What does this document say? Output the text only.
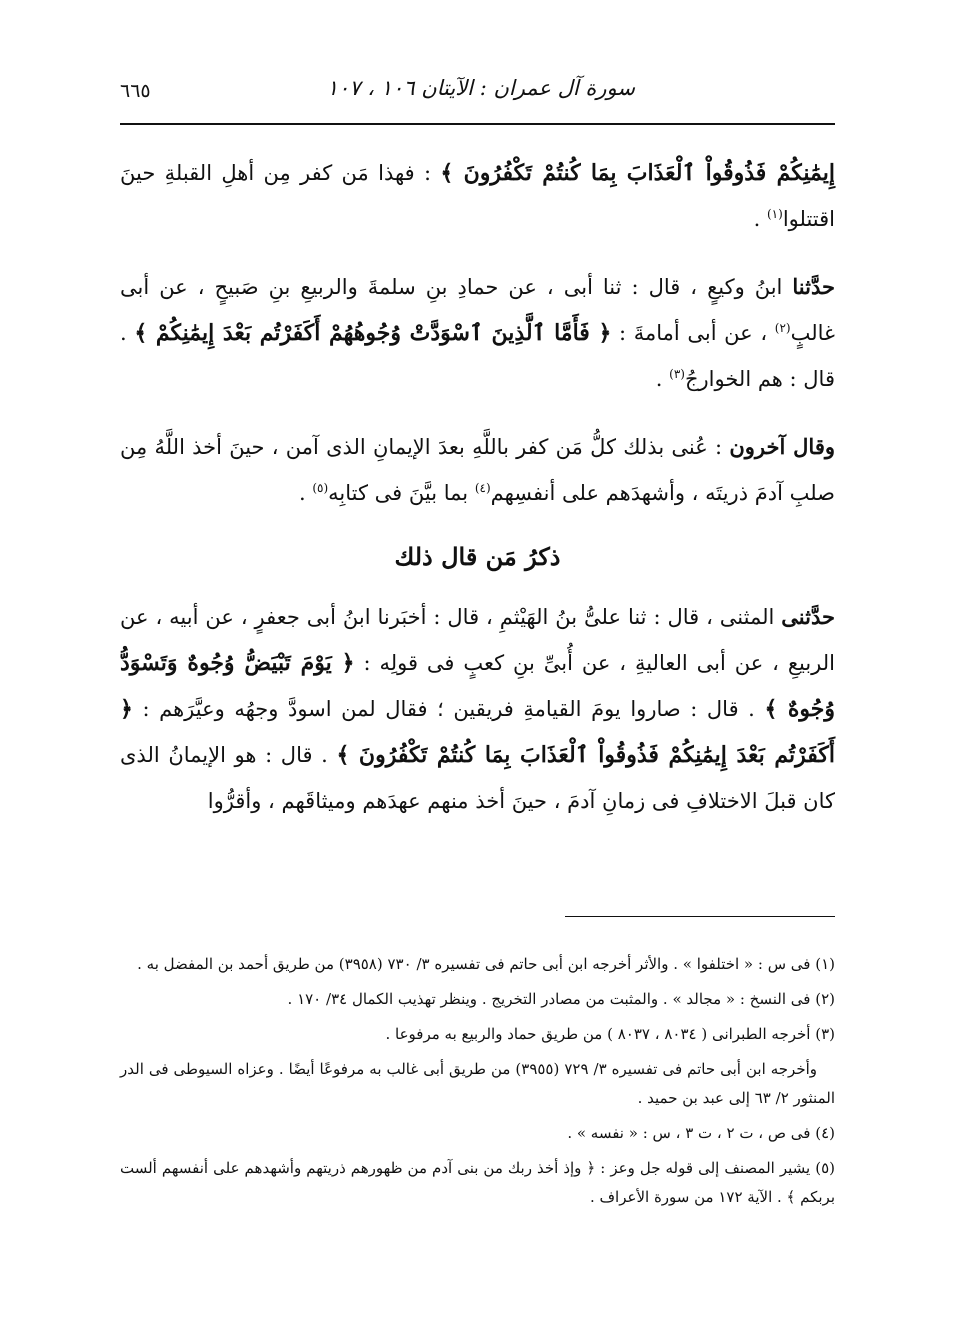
سورة آل عمران : الآيتان ١٠٦ ، ١٠٧
٦٦٥

إِيمَٰنِكُمْ فَذُوقُواْ ٱلْعَذَابَ بِمَا كُنتُمْ تَكْفُرُونَ ﴾ : فهذا مَن كفر مِن أهلِ القبلةِ حينَ اقتتلوا$^{(١)}$ .

حدَّثنا ابنُ وكيعٍ ، قال : ثنا أبى ، عن حمادِ بنِ سلمةَ والربيعِ بنِ صَبيحٍ ، عن أبى غالبٍ$^{(٢)}$ ، عن أبى أمامةَ : ﴿ فَأَمَّا ٱلَّذِينَ ٱسْوَدَّتْ وُجُوهُهُمْ أَكَفَرْتُم بَعْدَ إِيمَٰنِكُمْ ﴾ . قال : هم الخوارجُ$^{(٣)}$ .

وقال آخرون : عُنى بذلك كلُّ مَن كفر باللَّهِ بعدَ الإيمانِ الذى آمن ، حينَ أخذ اللَّهُ مِن صلبِ آدمَ ذريتَه ، وأشهدَهم على أنفسِهم$^{(٤)}$ بما بيَّنَ فى كتابِه$^{(٥)}$ .

ذكرُ مَن قال ذلك

حدَّثنى المثنى ، قال : ثنا علىُّ بنُ الهَيْثمِ ، قال : أخبَرنا ابنُ أبى جعفرٍ ، عن أبيه ، عن الربيعِ ، عن أبى العاليةِ ، عن أُبىِّ بنِ كعبٍ فى قولِه : ﴿ يَوْمَ تَبْيَضُّ وُجُوهٌ وَتَسْوَدُّ وُجُوهٌ ﴾ . قال : صاروا يومَ القيامةِ فريقين ؛ فقال لمن اسودَّ وجهُه وعيَّرَهم : ﴿ أَكَفَرْتُم بَعْدَ إِيمَٰنِكُمْ فَذُوقُواْ ٱلْعَذَابَ بِمَا كُنتُمْ تَكْفُرُونَ ﴾ . قال : هو الإيمانُ الذى كان قبلَ الاختلافِ فى زمانِ آدمَ ، حينَ أخذ منهم عهدَهم وميثاقَهم ، وأقرُّوا

(١) فى س : « اختلفوا » . والأثر أخرجه ابن أبى حاتم فى تفسيره ٣/ ٧٣٠ (٣٩٥٨) من طريق أحمد بن المفضل به .

(٢) فى النسخ : « مجالد » . والمثبت من مصادر التخريج . وينظر تهذيب الكمال ٣٤/ ١٧٠ .

(٣) أخرجه الطبرانى ( ٨٠٣٤ ، ٨٠٣٧ ) من طريق حماد والربيع به مرفوعا .

وأخرجه ابن أبى حاتم فى تفسيره ٣/ ٧٢٩ (٣٩٥٥) من طريق أبى غالب به مرفوعًا أيضًا . وعزاه السيوطى فى الدر المنثور ٢/ ٦٣ إلى عبد بن حميد .

(٤) فى ص ، ت ٢ ، ت ٣ ، س : « نفسه » .

(٥) يشير المصنف إلى قوله جل وعز : ﴿ وإذ أخذ ربك من بنى آدم من ظهورهم ذريتهم وأشهدهم على أنفسهم ألست بربكم ﴾ . الآية ١٧٢ من سورة الأعراف .
